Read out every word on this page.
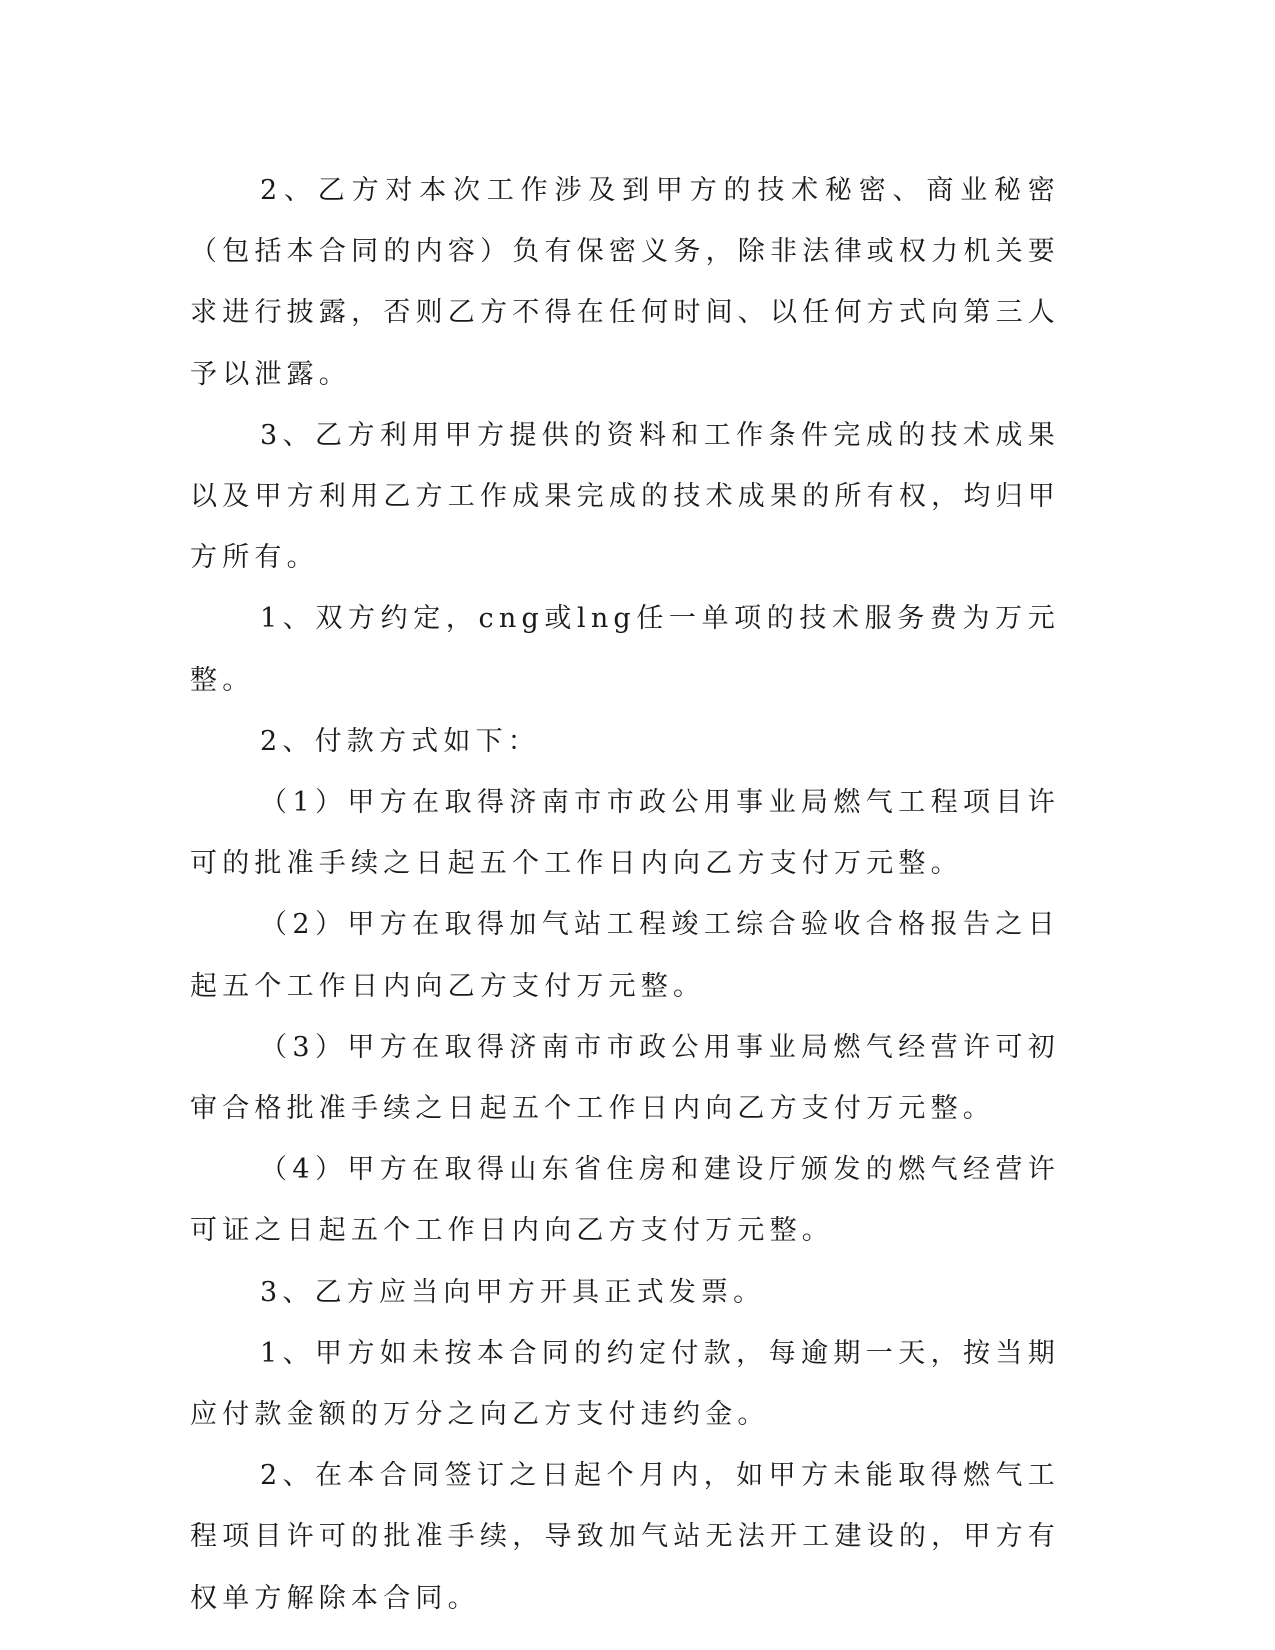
2、乙方对本次工作涉及到甲方的技术秘密、商业秘密（包括本合同的内容）负有保密义务，除非法律或权力机关要求进行披露，否则乙方不得在任何时间、以任何方式向第三人予以泄露。

3、乙方利用甲方提供的资料和工作条件完成的技术成果以及甲方利用乙方工作成果完成的技术成果的所有权，均归甲方所有。

1、双方约定，cng或lng任一单项的技术服务费为万元整。

2、付款方式如下：

（1）甲方在取得济南市市政公用事业局燃气工程项目许可的批准手续之日起五个工作日内向乙方支付万元整。

（2）甲方在取得加气站工程竣工综合验收合格报告之日起五个工作日内向乙方支付万元整。

（3）甲方在取得济南市市政公用事业局燃气经营许可初审合格批准手续之日起五个工作日内向乙方支付万元整。

（4）甲方在取得山东省住房和建设厅颁发的燃气经营许可证之日起五个工作日内向乙方支付万元整。

3、乙方应当向甲方开具正式发票。

1、甲方如未按本合同的约定付款，每逾期一天，按当期应付款金额的万分之向乙方支付违约金。

2、在本合同签订之日起个月内，如甲方未能取得燃气工程项目许可的批准手续，导致加气站无法开工建设的，甲方有权单方解除本合同。
